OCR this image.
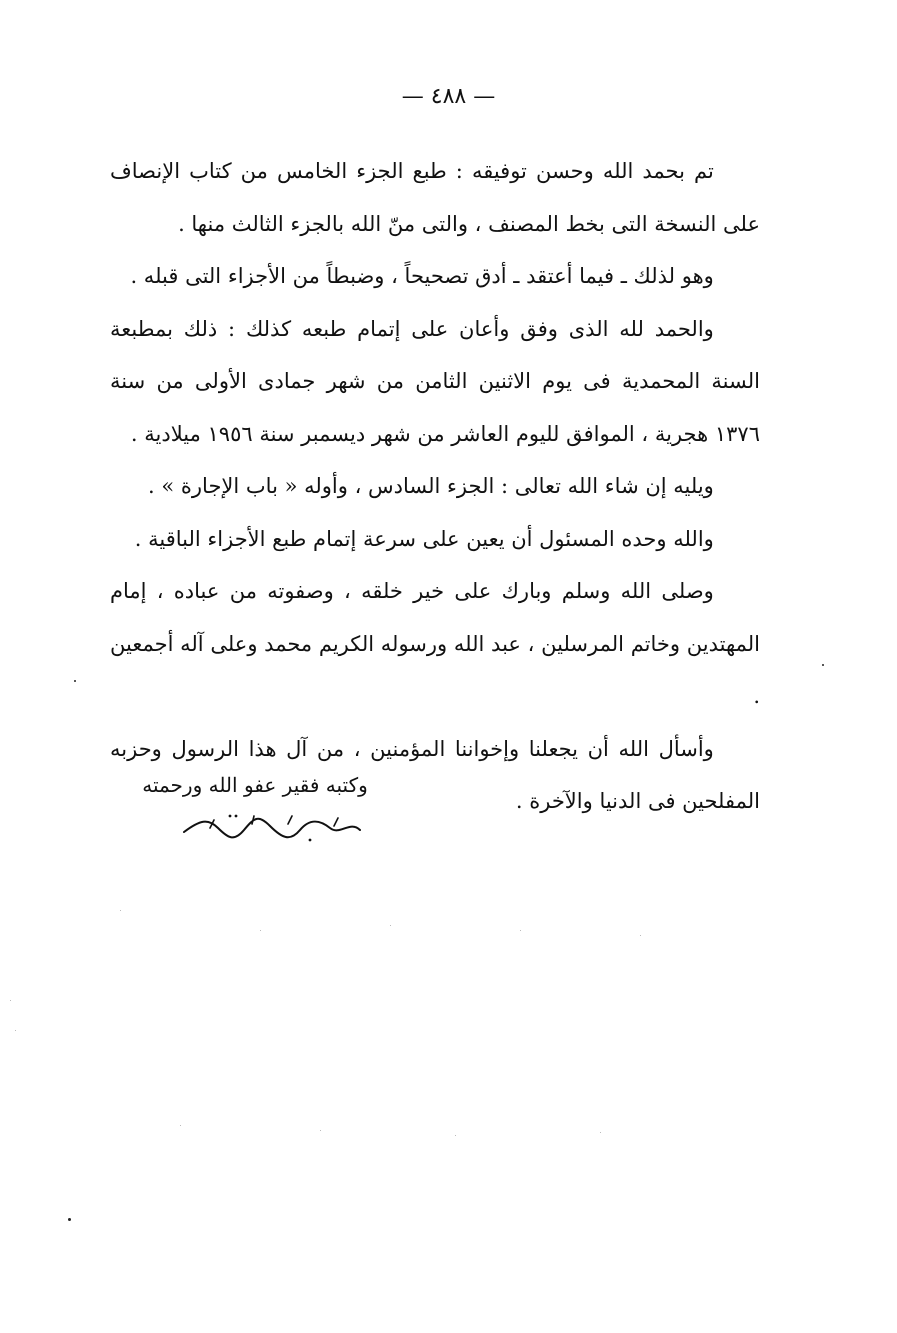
— ٤٨٨ —

تم بحمد الله وحسن توفيقه : طبع الجزء الخامس من كتاب الإنصاف على النسخة التى بخط المصنف ، والتى منّ الله بالجزء الثالث منها .

وهو لذلك ـ فيما أعتقد ـ أدق تصحيحاً ، وضبطاً من الأجزاء التى قبله .

والحمد لله الذى وفق وأعان على إتمام طبعه كذلك : ذلك بمطبعة السنة المحمدية فى يوم الاثنين الثامن من شهر جمادى الأولى من سنة ١٣٧٦ هجرية ، الموافق لليوم العاشر من شهر ديسمبر سنة ١٩٥٦ ميلادية .

ويليه إن شاء الله تعالى : الجزء السادس ، وأوله « باب الإجارة » .

والله وحده المسئول أن يعين على سرعة إتمام طبع الأجزاء الباقية .

وصلى الله وسلم وبارك على خير خلقه ، وصفوته من عباده ، إمام المهتدين وخاتم المرسلين ، عبد الله ورسوله الكريم محمد وعلى آله أجمعين .

وأسأل الله أن يجعلنا وإخواننا المؤمنين ، من آل هذا الرسول وحزبه المفلحين فى الدنيا والآخرة .

وكتبه فقير عفو الله ورحمته
